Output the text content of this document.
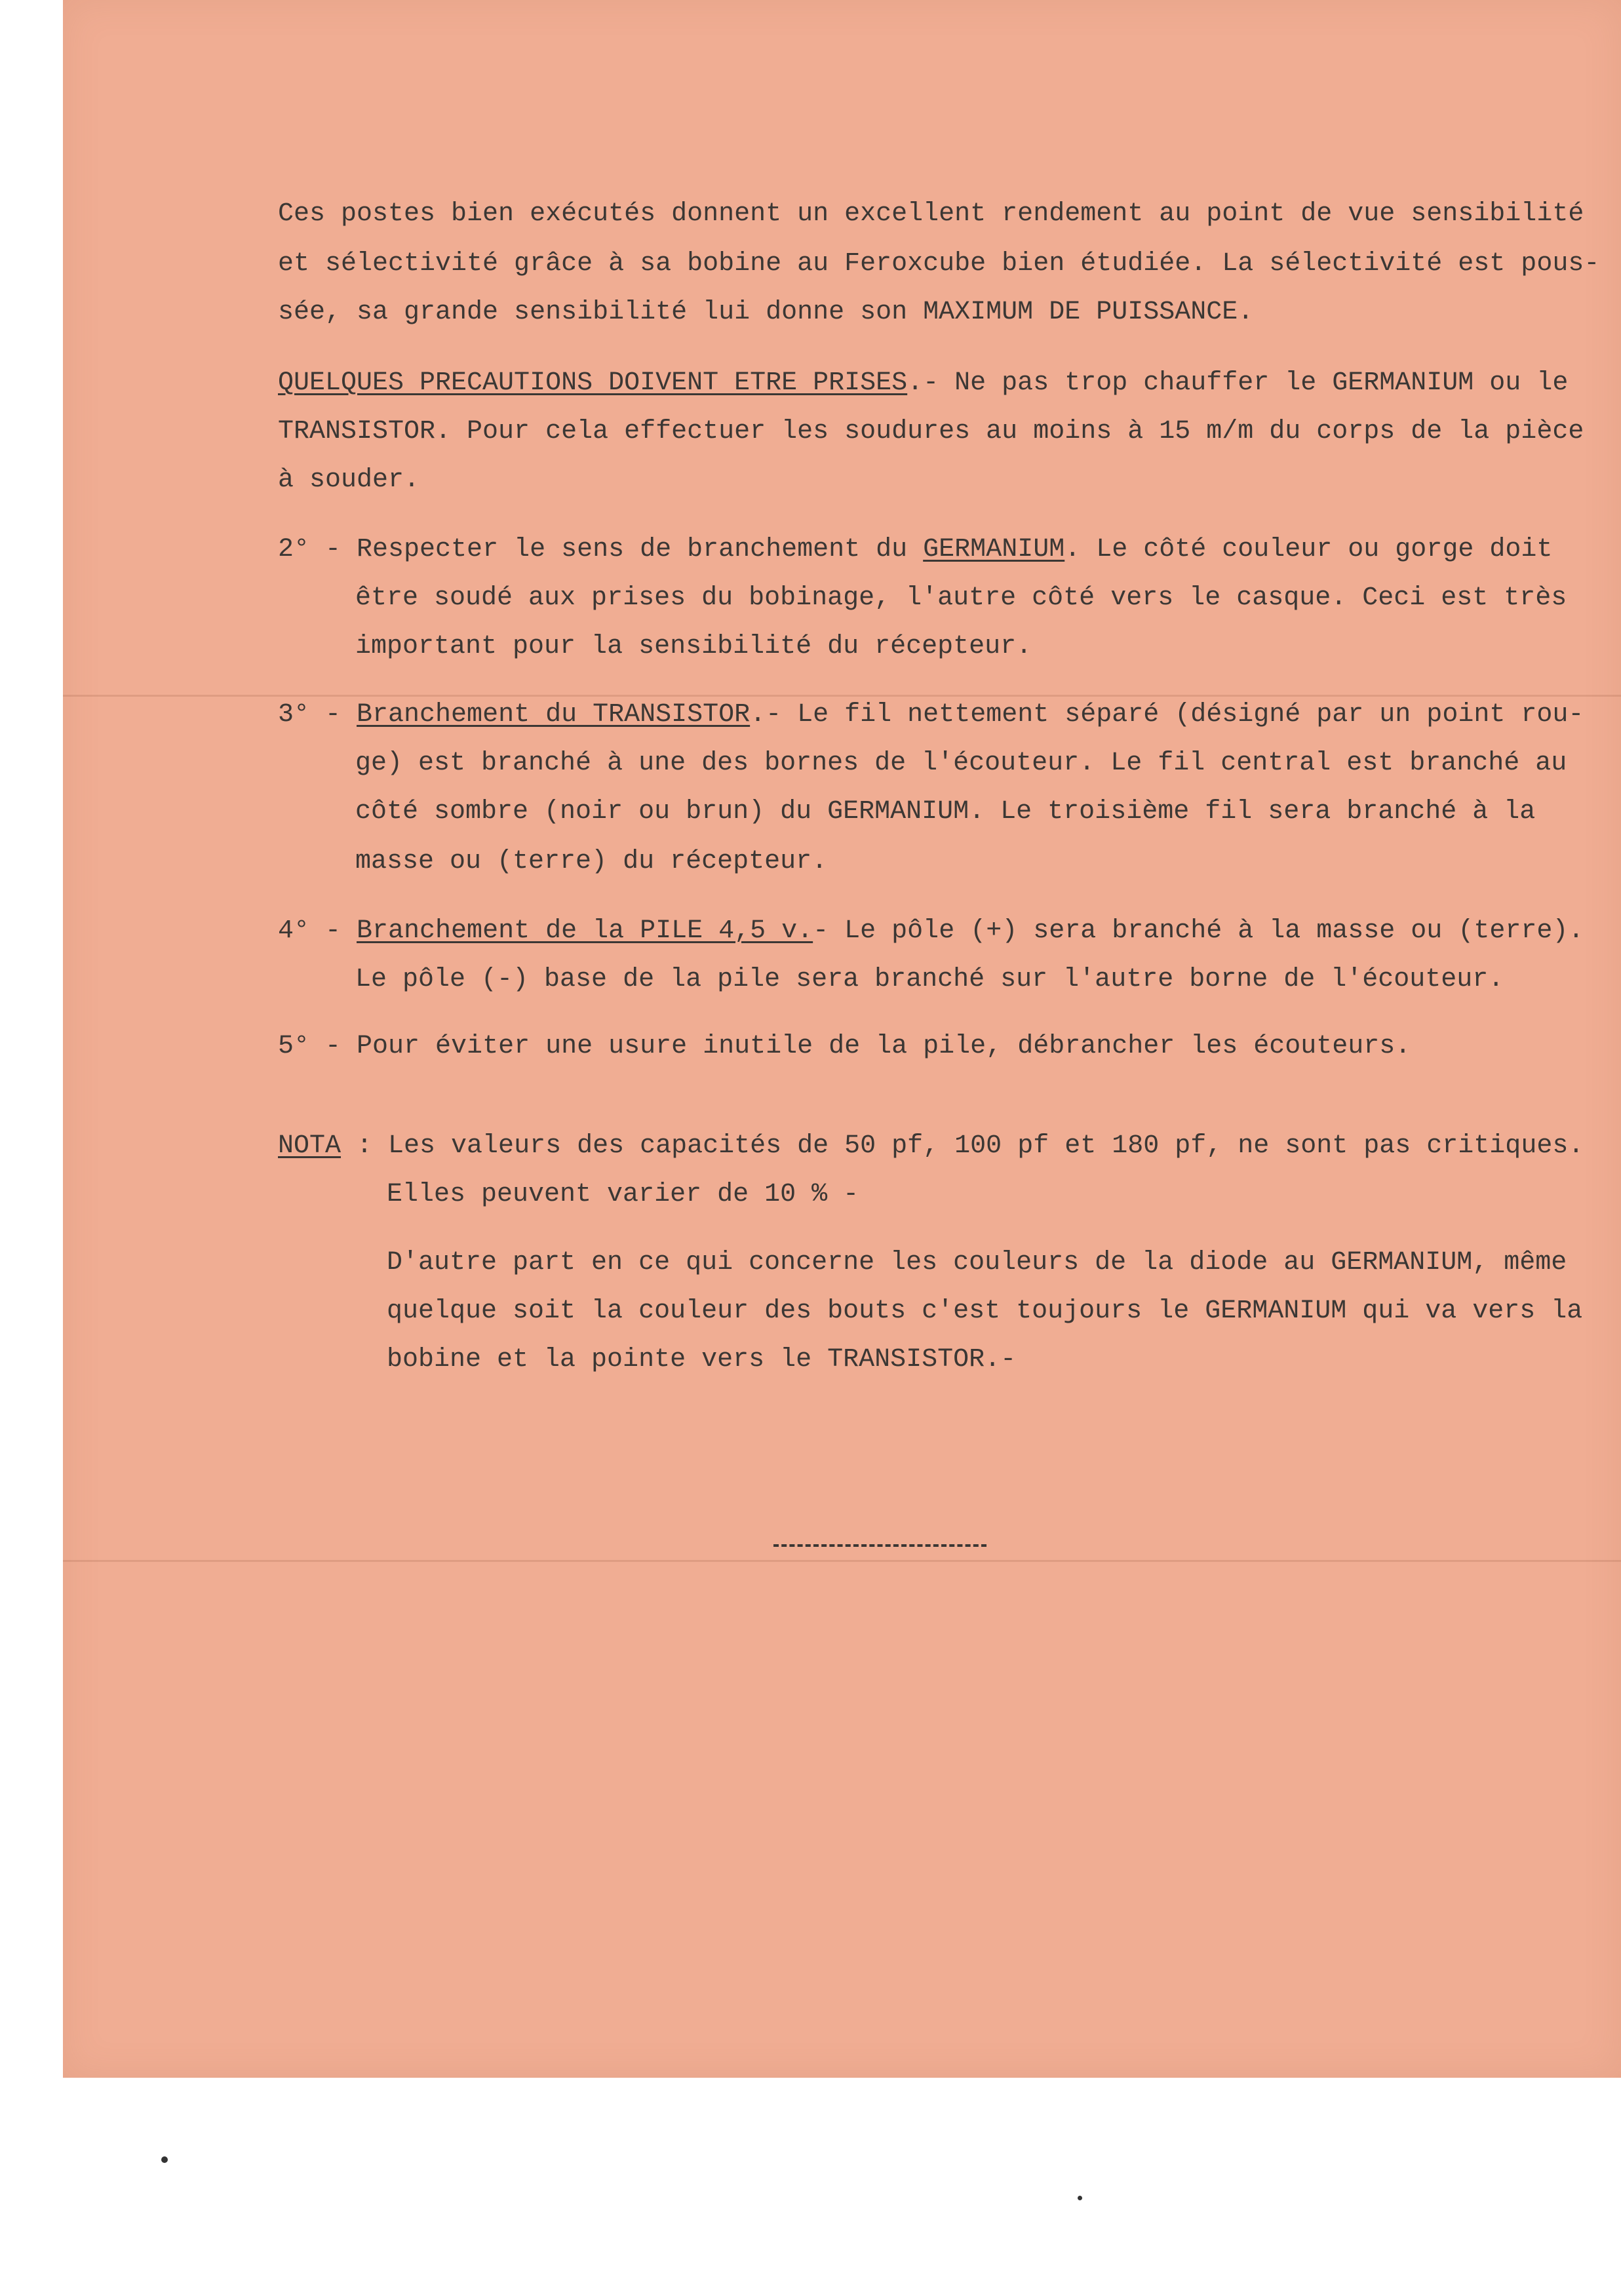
Ces postes bien exécutés donnent un excellent rendement au point de vue sensibilité
et sélectivité grâce à sa bobine au Feroxcube bien étudiée. La sélectivité est pous-
sée, sa grande sensibilité lui donne son MAXIMUM DE PUISSANCE.
QUELQUES PRECAUTIONS DOIVENT ETRE PRISES.- Ne pas trop chauffer le GERMANIUM ou le
TRANSISTOR. Pour cela effectuer les soudures au moins à 15 m/m du corps de la pièce
à souder.
2° - Respecter le sens de branchement du GERMANIUM. Le côté couleur ou gorge doit
être soudé aux prises du bobinage, l'autre côté vers le casque. Ceci est très
important pour la sensibilité du récepteur.
3° - Branchement du TRANSISTOR.- Le fil nettement séparé (désigné par un point rou-
ge) est branché à une des bornes de l'écouteur. Le fil central est branché au
côté sombre (noir ou brun) du GERMANIUM. Le troisième fil sera branché à la
masse ou (terre) du récepteur.
4° - Branchement de la PILE 4,5 v.- Le pôle (+) sera branché à la masse ou (terre).
Le pôle (-) base de la pile sera branché sur l'autre borne de l'écouteur.
5° - Pour éviter une usure inutile de la pile, débrancher les écouteurs.
NOTA : Les valeurs des capacités de 50 pf, 100 pf et 180 pf, ne sont pas critiques.
Elles peuvent varier de 10 % -
D'autre part en ce qui concerne les couleurs de la diode au GERMANIUM, même
quelque soit la couleur des bouts c'est toujours le GERMANIUM qui va vers la
bobine et la pointe vers le TRANSISTOR.-
